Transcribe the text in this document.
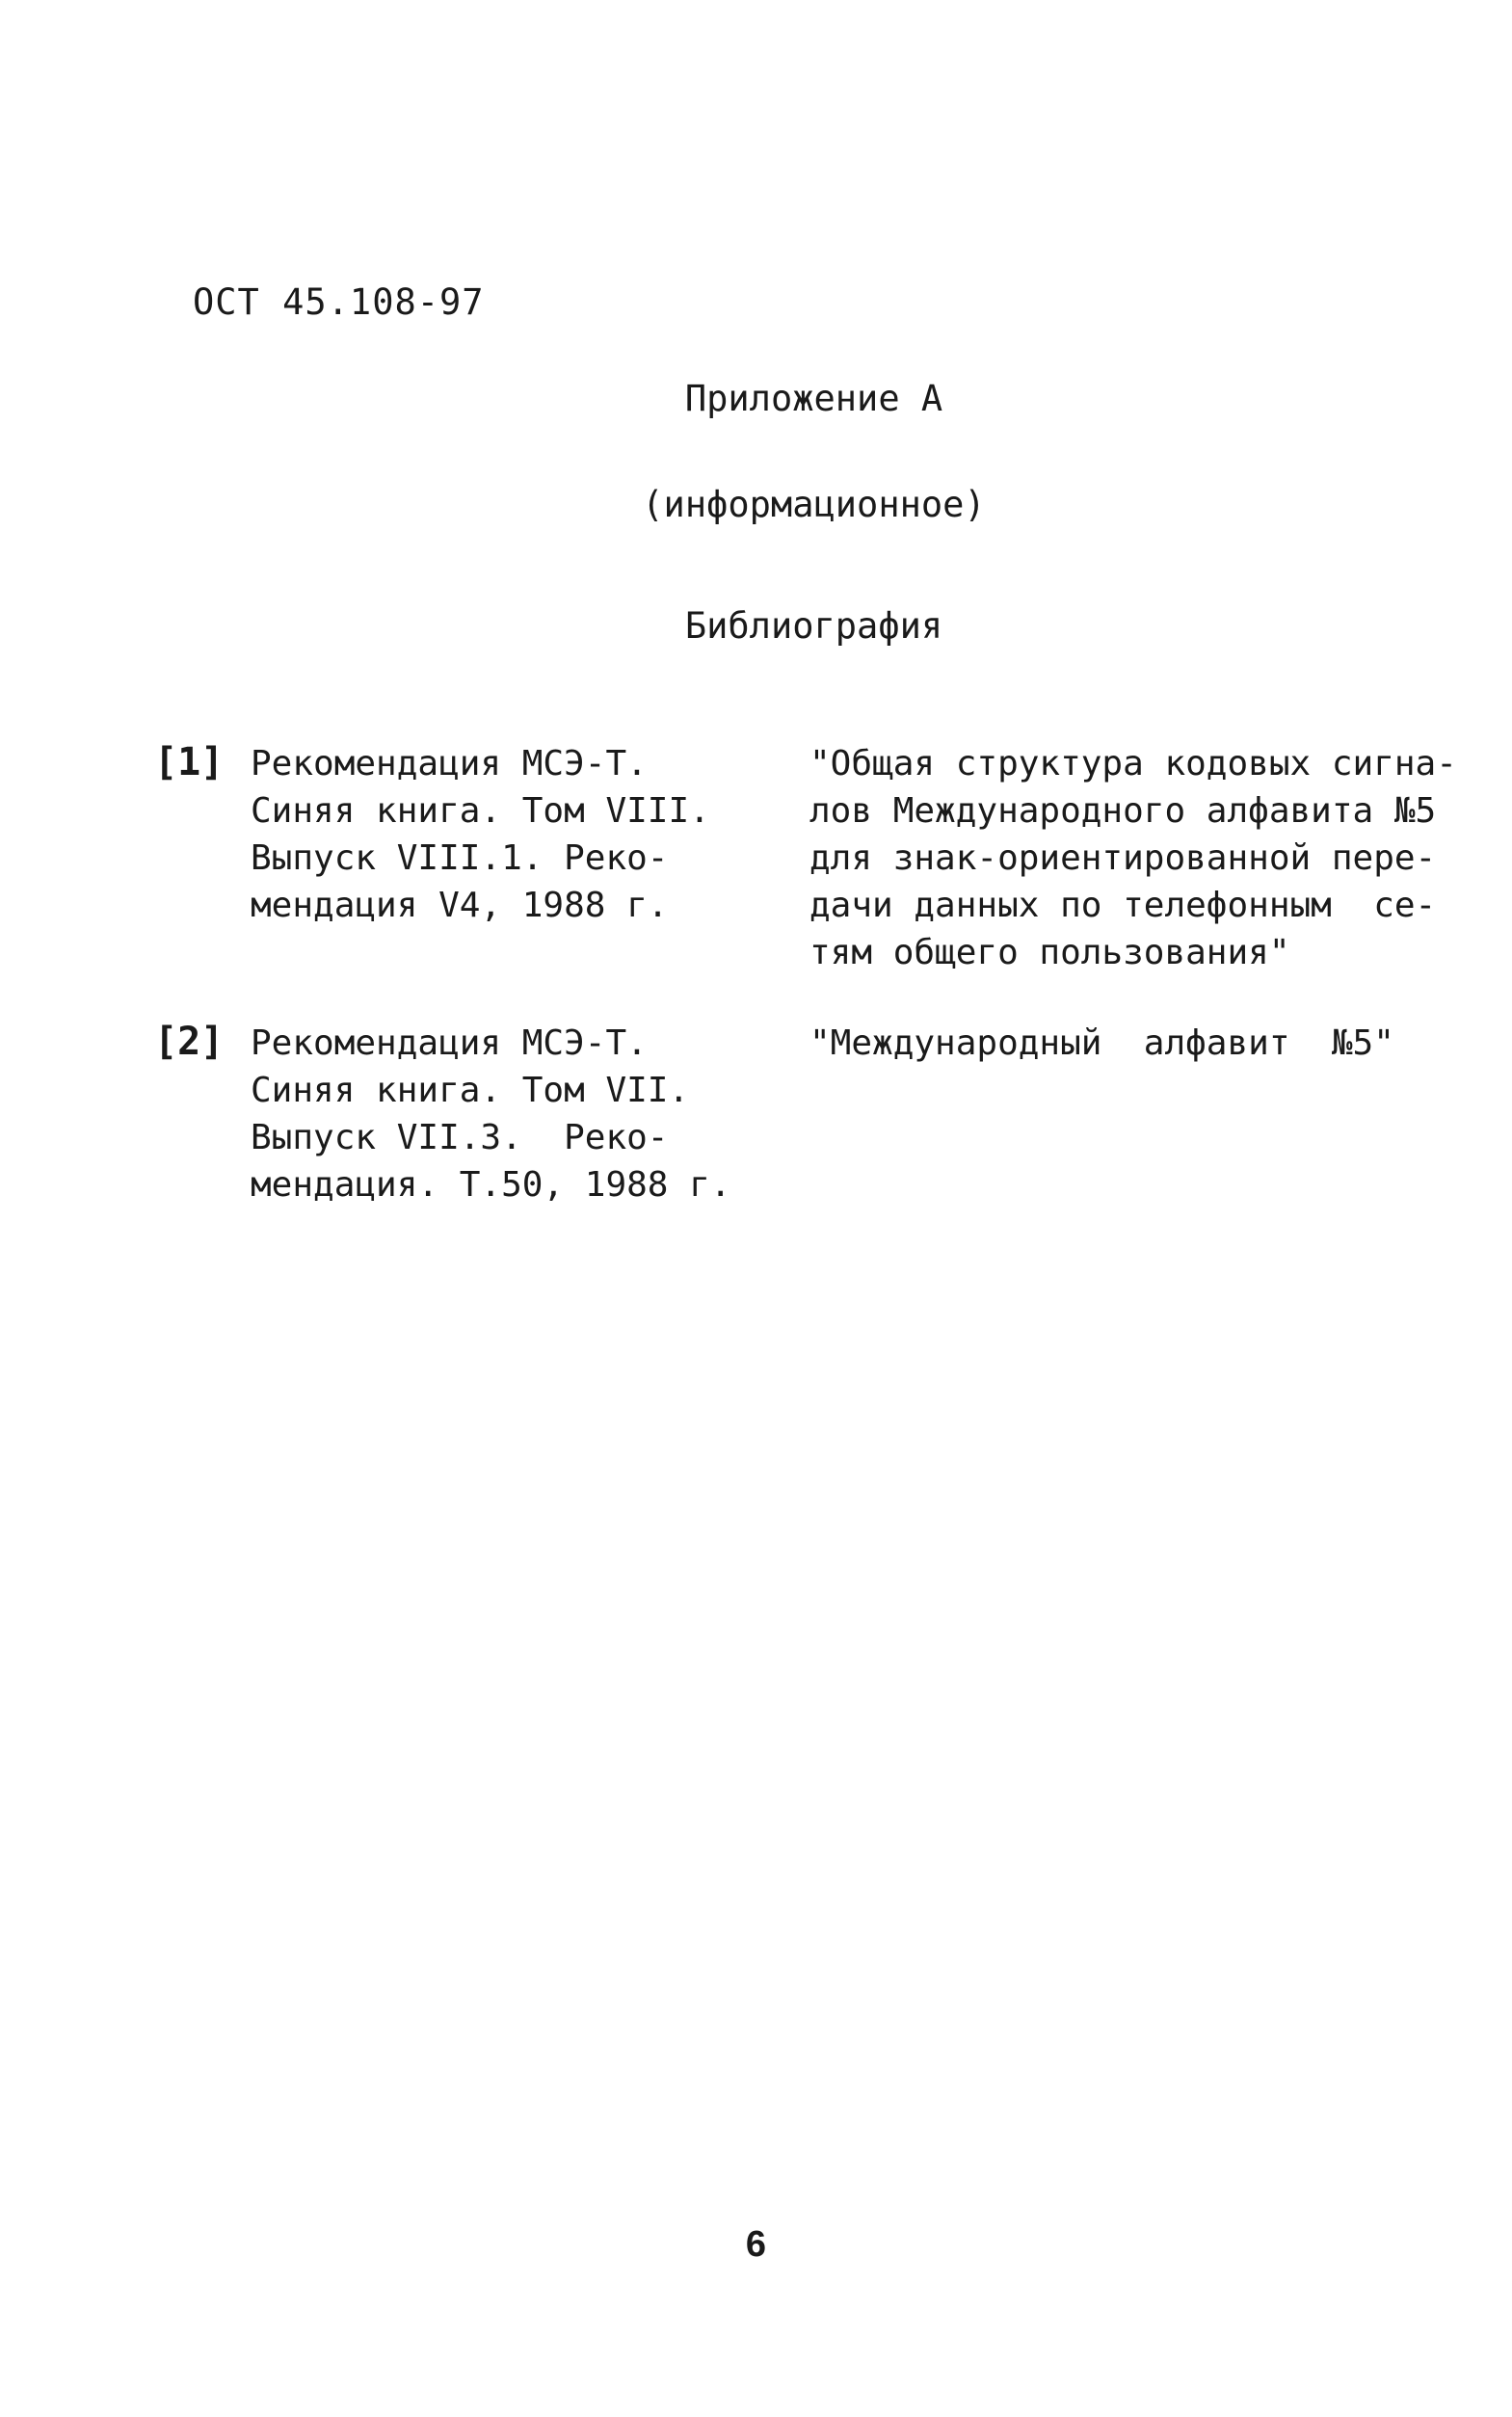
ОСТ 45.108-97
Приложение А
(информационное)
Библиография
[1] Рекомендация МСЭ-Т.
Синяя книга. Том VIII.
Выпуск VIII.1. Реко-
мендация V4, 1988 г.
"Общая структура кодовых сигна-
лов Международного алфавита №5
для знак-ориентированной пере-
дачи данных по телефонным  се-
тям общего пользования"
[2] Рекомендация МСЭ-Т.
Синяя книга. Том VII.
Выпуск VII.3.  Реко-
мендация. Т.50, 1988 г.
"Международный  алфавит  №5"
6
